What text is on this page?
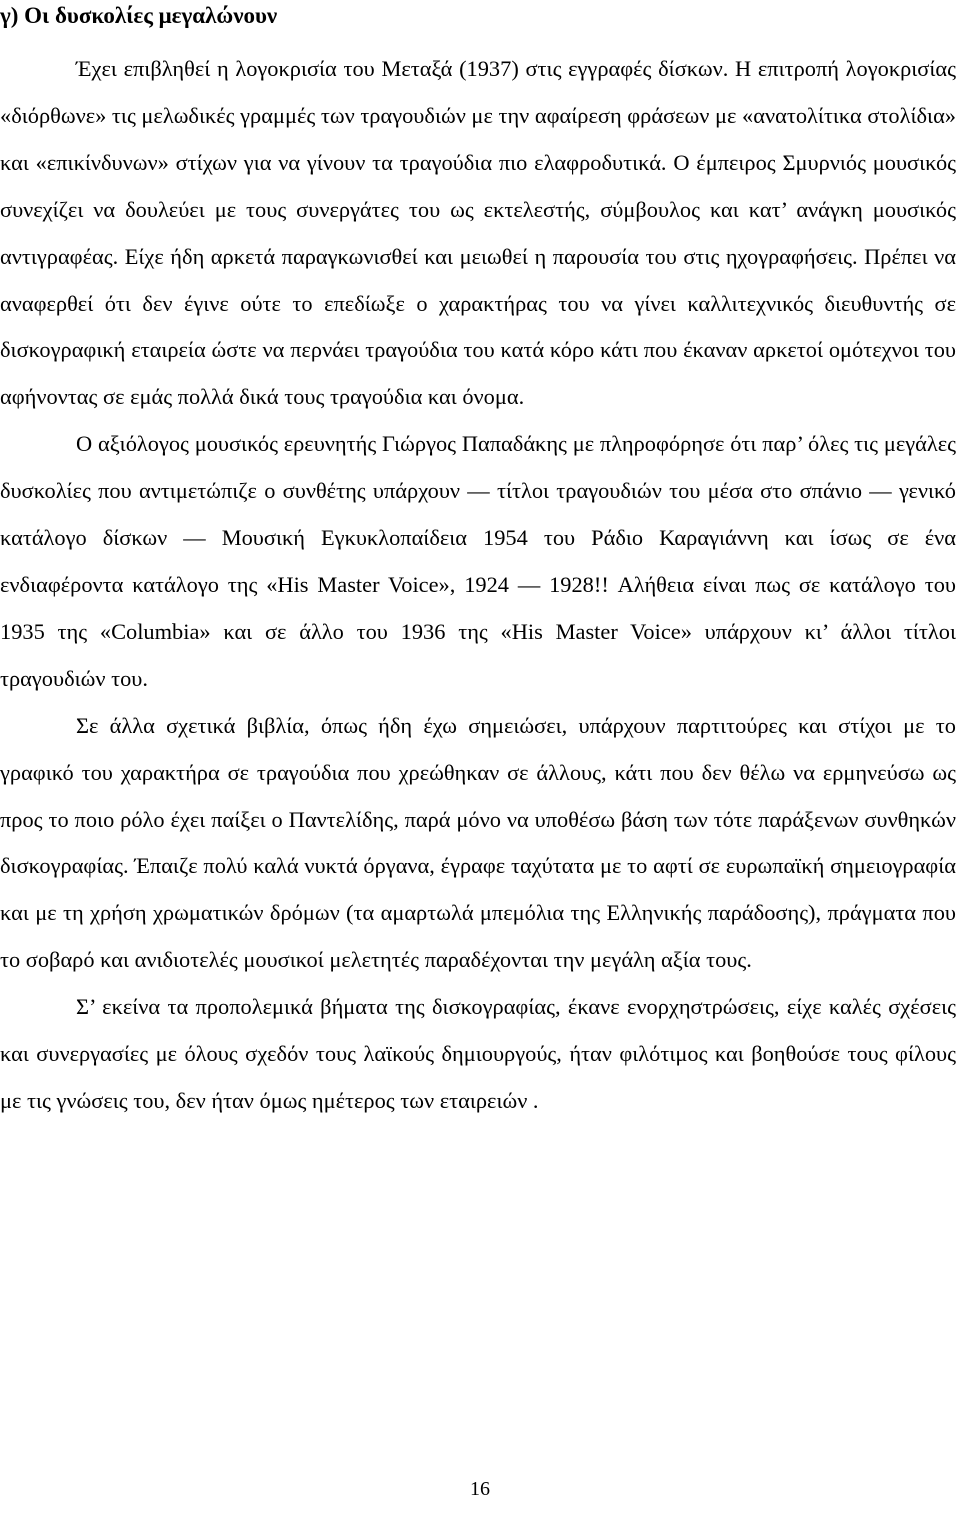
γ) Οι δυσκολίες μεγαλώνουν

Έχει επιβληθεί η λογοκρισία του Μεταξά (1937) στις εγγραφές δίσκων. Η επιτροπή λογοκρισίας «διόρθωνε» τις μελωδικές γραμμές των τραγουδιών με την αφαίρεση φράσεων με «ανατολίτικα στολίδια» και «επικίνδυνων» στίχων για να γίνουν τα τραγούδια πιο ελαφροδυτικά. Ο έμπειρος Σμυρνιός μουσικός συνεχίζει να δουλεύει με τους συνεργάτες του ως εκτελεστής, σύμβουλος και κατ’ ανάγκη μουσικός αντιγραφέας. Είχε ήδη αρκετά παραγκωνισθεί και μειωθεί η παρουσία του στις ηχογραφήσεις. Πρέπει να αναφερθεί ότι δεν έγινε ούτε το επεδίωξε ο χαρακτήρας του να γίνει καλλιτεχνικός διευθυντής σε δισκογραφική εταιρεία ώστε να περνάει τραγούδια του κατά κόρο κάτι που έκαναν αρκετοί ομότεχνοι του αφήνοντας σε εμάς πολλά δικά τους τραγούδια και όνομα.

Ο αξιόλογος μουσικός ερευνητής Γιώργος Παπαδάκης με πληροφόρησε ότι παρ’ όλες τις μεγάλες δυσκολίες που αντιμετώπιζε ο συνθέτης υπάρχουν — τίτλοι τραγουδιών του μέσα στο σπάνιο — γενικό κατάλογο δίσκων — Μουσική Εγκυκλοπαίδεια 1954 του Ράδιο Καραγιάννη και ίσως σε ένα ενδιαφέροντα κατάλογο της «His Master Voice», 1924 — 1928!! Αλήθεια είναι πως σε κατάλογο του 1935 της «Columbia» και σε άλλο του 1936 της «His Master Voice» υπάρχουν κι’ άλλοι τίτλοι τραγουδιών του.

Σε άλλα σχετικά βιβλία, όπως ήδη έχω σημειώσει, υπάρχουν παρτιτούρες και στίχοι με το γραφικό του χαρακτήρα σε τραγούδια που χρεώθηκαν σε άλλους, κάτι που δεν θέλω να ερμηνεύσω ως προς το ποιο ρόλο έχει παίξει ο Παντελίδης, παρά μόνο να υποθέσω βάση των τότε παράξενων συνθηκών δισκογραφίας. Έπαιζε πολύ καλά νυκτά όργανα, έγραφε ταχύτατα με το αφτί σε ευρωπαϊκή σημειογραφία και με τη χρήση χρωματικών δρόμων (τα αμαρτωλά μπεμόλια της Ελληνικής παράδοσης), πράγματα που το σοβαρό και ανιδιοτελές μουσικοί μελετητές παραδέχονται την μεγάλη αξία τους.

Σ’ εκείνα τα προπολεμικά βήματα της δισκογραφίας, έκανε ενορχηστρώσεις, είχε καλές σχέσεις και συνεργασίες με όλους σχεδόν τους λαϊκούς δημιουργούς, ήταν φιλότιμος και βοηθούσε τους φίλους με τις γνώσεις του, δεν ήταν όμως ημέτερος των εταιρειών .

16
